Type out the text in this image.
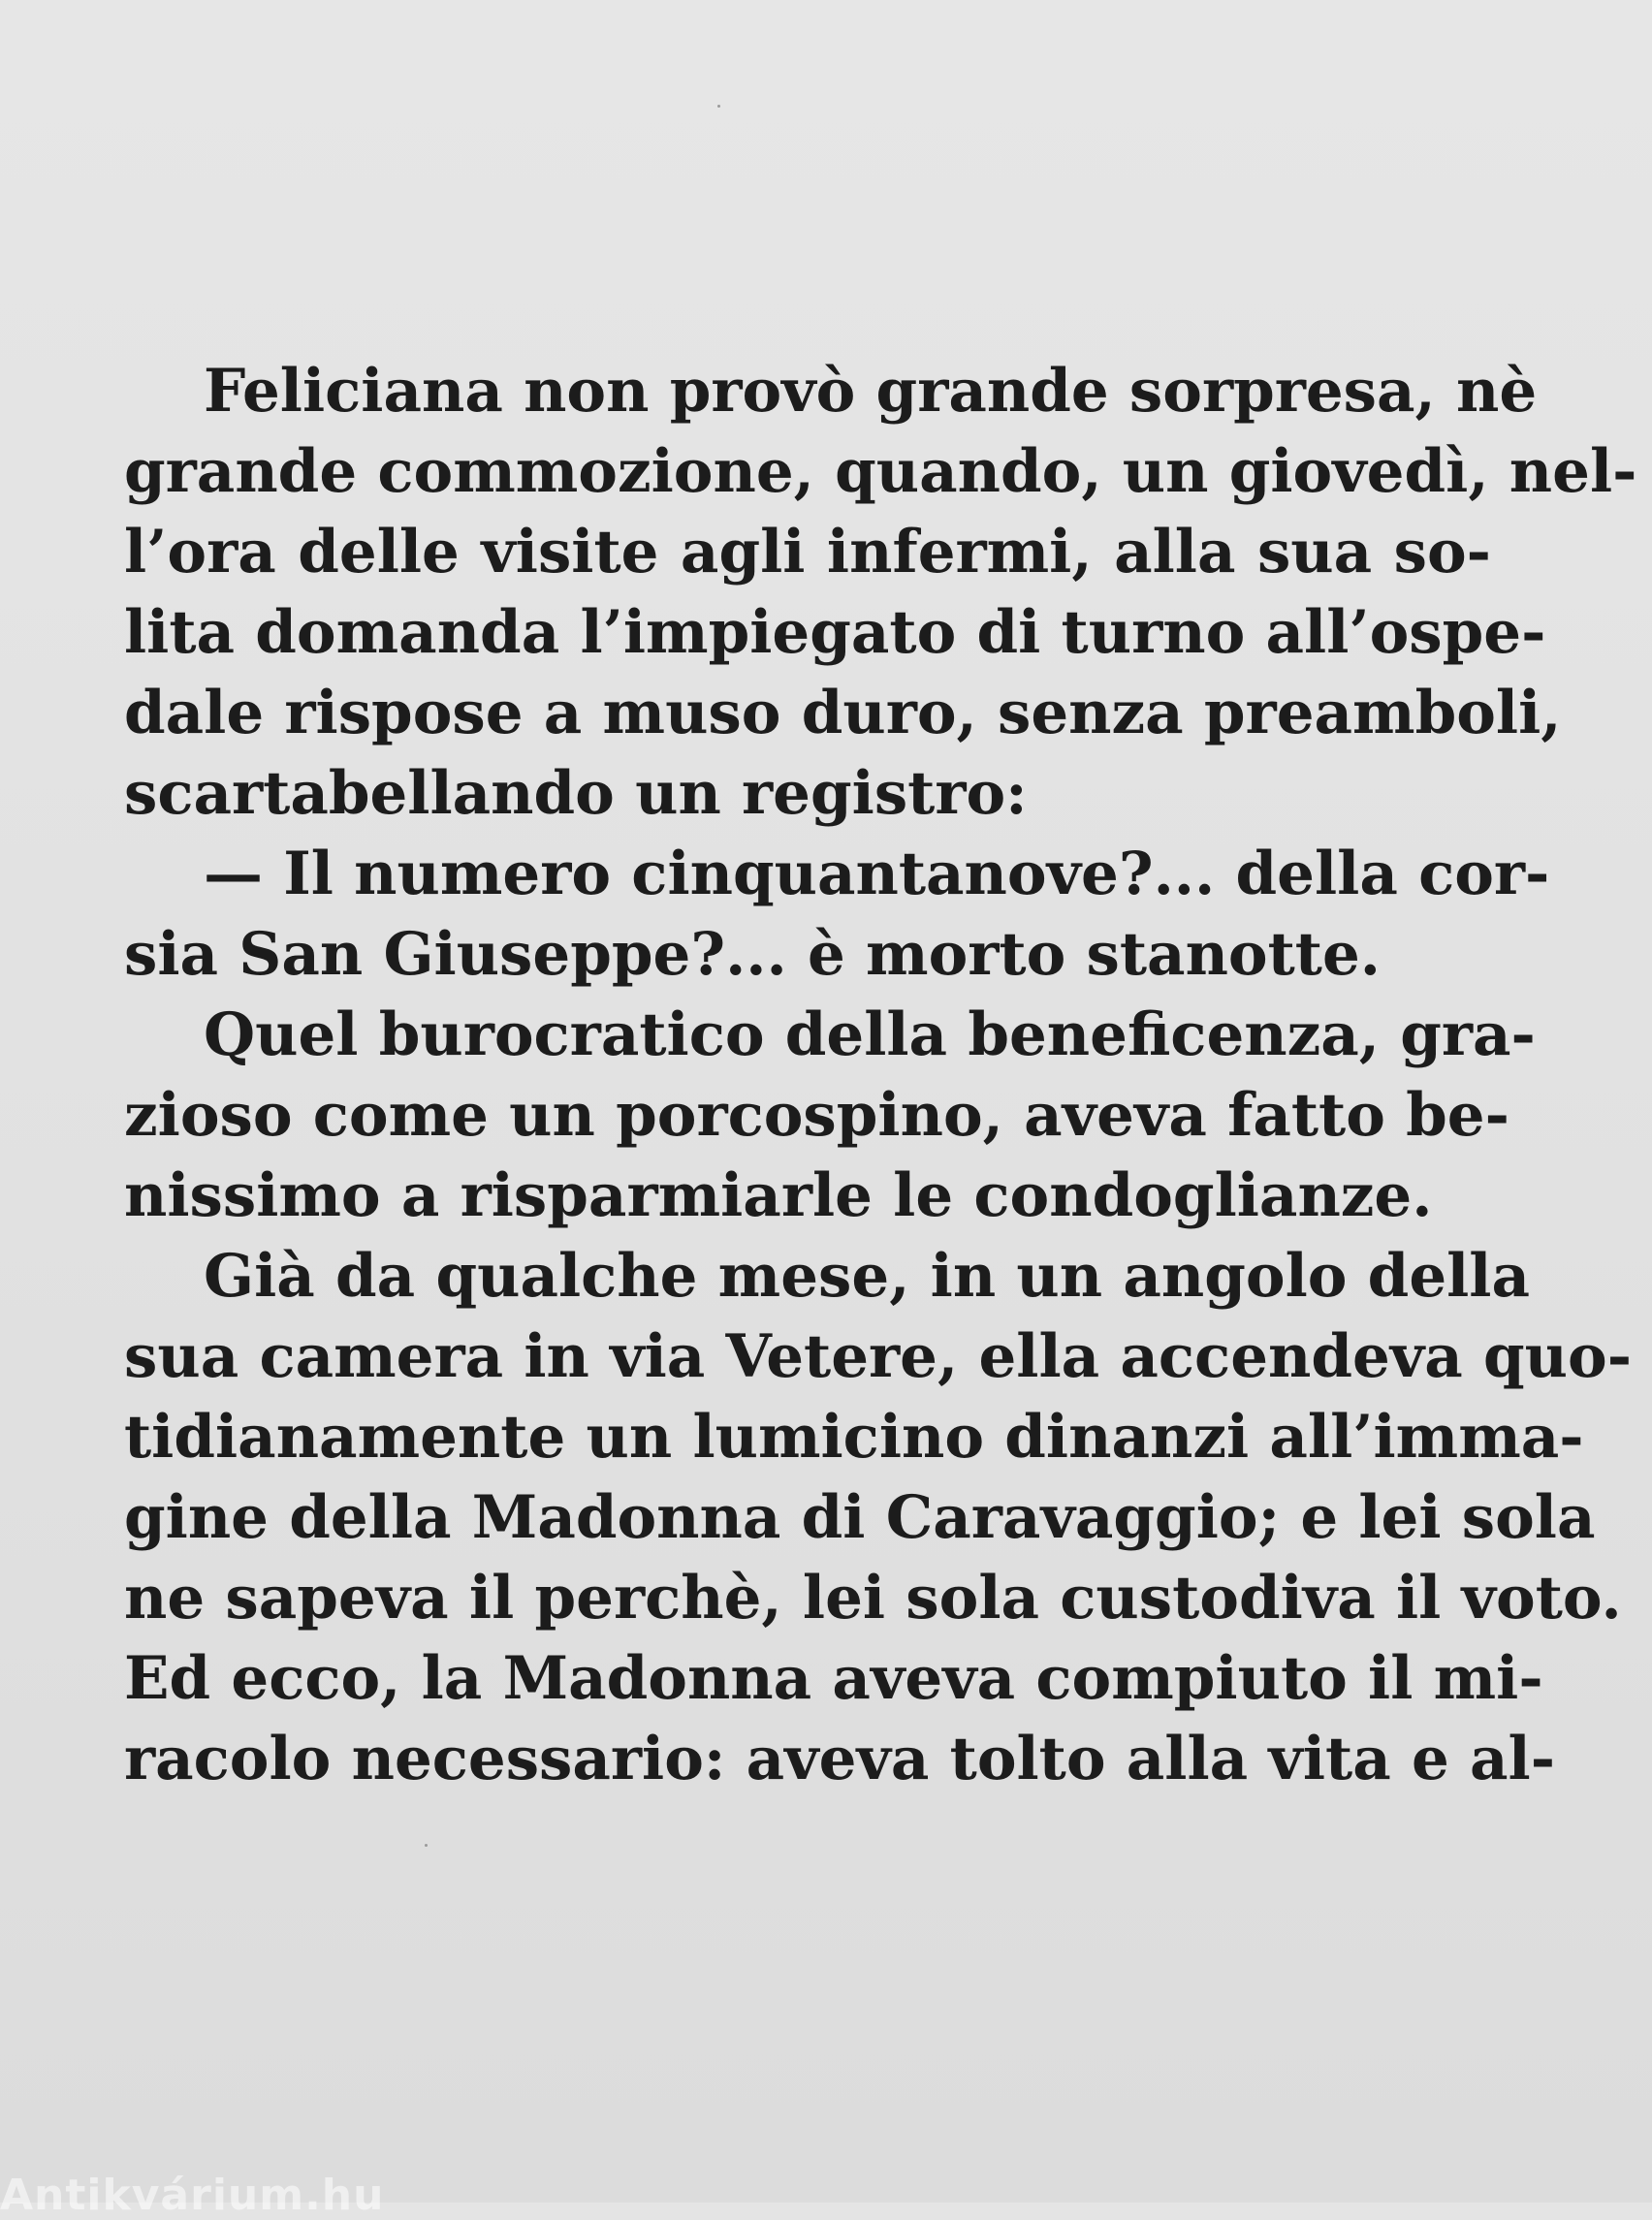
Feliciana non provò grande sorpresa, nè
grande commozione, quando, un giovedì, nel-
l’ora delle visite agli infermi, alla sua so-
lita domanda l’impiegato di turno all’ospe-
dale rispose a muso duro, senza preamboli,
scartabellando un registro:
— Il numero cinquantanove?... della cor-
sia San Giuseppe?... è morto stanotte.
Quel burocratico della beneficenza, gra-
zioso come un porcospino, aveva fatto be-
nissimo a risparmiarle le condoglianze.
Già da qualche mese, in un angolo della
sua camera in via Vetere, ella accendeva quo-
tidianamente un lumicino dinanzi all’imma-
gine della Madonna di Caravaggio; e lei sola
ne sapeva il perchè, lei sola custodiva il voto.
Ed ecco, la Madonna aveva compiuto il mi-
racolo necessario: aveva tolto alla vita e al-
Antikvárium.hu
